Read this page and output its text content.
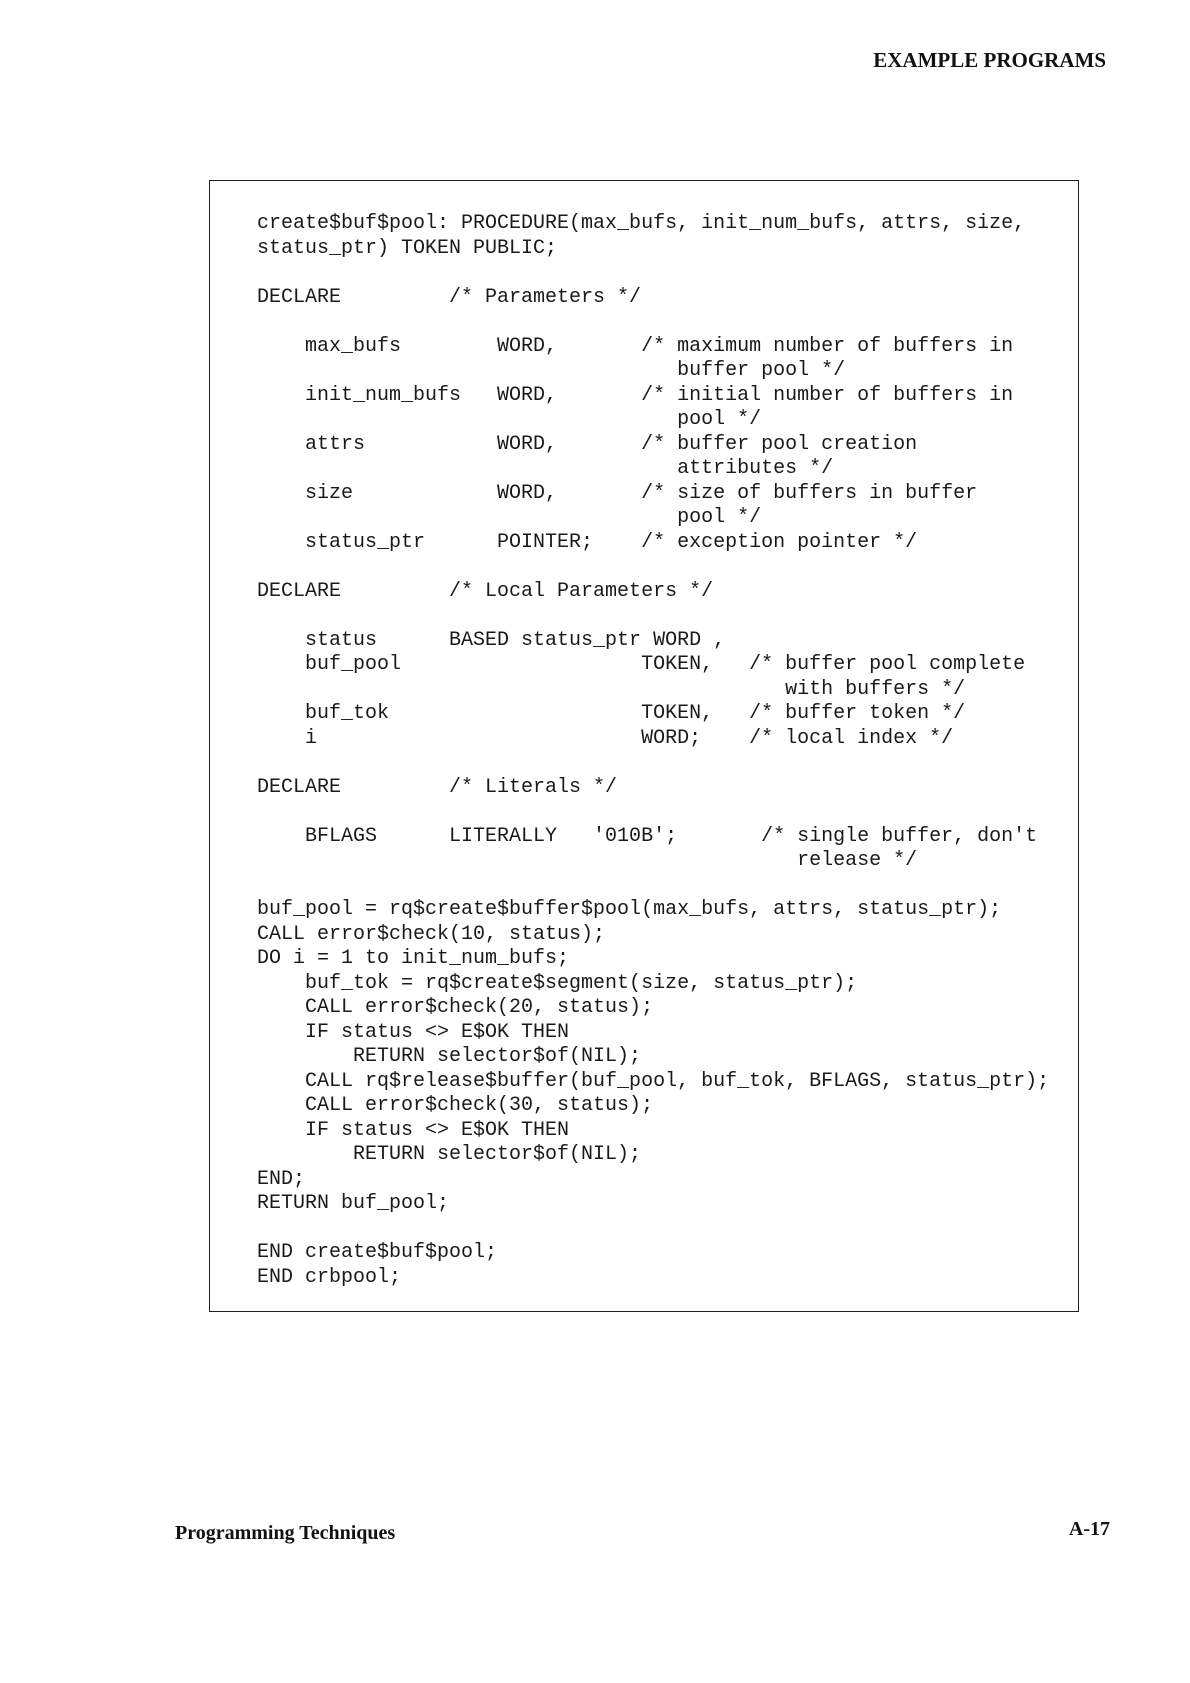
EXAMPLE PROGRAMS
create$buf$pool: PROCEDURE(max_bufs, init_num_bufs, attrs, size,
status_ptr) TOKEN PUBLIC;
DECLARE         /* Parameters */
max_bufs        WORD,       /* maximum number of buffers in
buffer pool */
init_num_bufs   WORD,       /* initial number of buffers in
pool */
attrs           WORD,       /* buffer pool creation
attributes */
size            WORD,       /* size of buffers in buffer
pool */
status_ptr      POINTER;    /* exception pointer */
DECLARE         /* Local Parameters */
status      BASED status_ptr WORD ,
buf_pool                    TOKEN,   /* buffer pool complete
with buffers */
buf_tok                     TOKEN,   /* buffer token */
i                           WORD;    /* local index */
DECLARE         /* Literals */
BFLAGS      LITERALLY   '010B';       /* single buffer, don't
release */
buf_pool = rq$create$buffer$pool(max_bufs, attrs, status_ptr);
CALL error$check(10, status);
DO i = 1 to init_num_bufs;
buf_tok = rq$create$segment(size, status_ptr);
CALL error$check(20, status);
IF status <> E$OK THEN
RETURN selector$of(NIL);
CALL rq$release$buffer(buf_pool, buf_tok, BFLAGS, status_ptr);
CALL error$check(30, status);
IF status <> E$OK THEN
RETURN selector$of(NIL);
END;
RETURN buf_pool;
END create$buf$pool;
END crbpool;
Programming Techniques	A-17
